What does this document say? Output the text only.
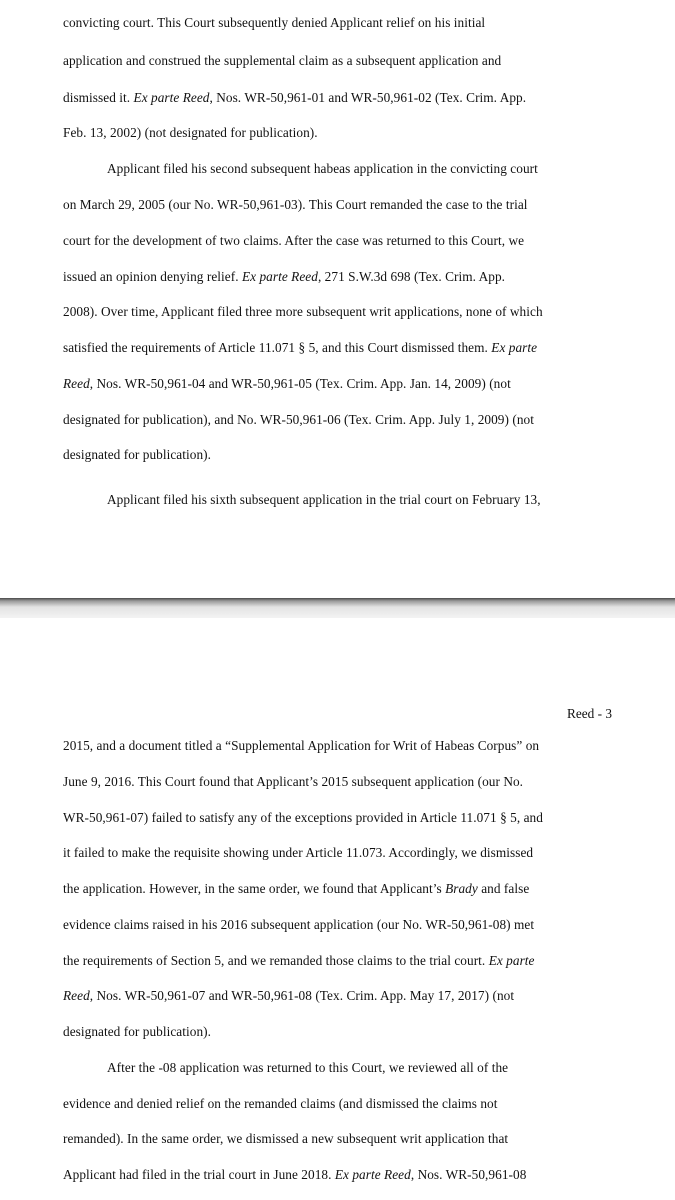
convicting court. This Court subsequently denied Applicant relief on his initial
application and construed the supplemental claim as a subsequent application and
dismissed it. Ex parte Reed, Nos. WR-50,961-01 and WR-50,961-02 (Tex. Crim. App.
Feb. 13, 2002) (not designated for publication).
Applicant filed his second subsequent habeas application in the convicting court
on March 29, 2005 (our No. WR-50,961-03). This Court remanded the case to the trial
court for the development of two claims. After the case was returned to this Court, we
issued an opinion denying relief. Ex parte Reed, 271 S.W.3d 698 (Tex. Crim. App.
2008). Over time, Applicant filed three more subsequent writ applications, none of which
satisfied the requirements of Article 11.071 § 5, and this Court dismissed them. Ex parte
Reed, Nos. WR-50,961-04 and WR-50,961-05 (Tex. Crim. App. Jan. 14, 2009) (not
designated for publication), and No. WR-50,961-06 (Tex. Crim. App. July 1, 2009) (not
designated for publication).
Applicant filed his sixth subsequent application in the trial court on February 13,
Reed - 3
2015, and a document titled a “Supplemental Application for Writ of Habeas Corpus” on
June 9, 2016. This Court found that Applicant’s 2015 subsequent application (our No.
WR-50,961-07) failed to satisfy any of the exceptions provided in Article 11.071 § 5, and
it failed to make the requisite showing under Article 11.073. Accordingly, we dismissed
the application. However, in the same order, we found that Applicant’s Brady and false
evidence claims raised in his 2016 subsequent application (our No. WR-50,961-08) met
the requirements of Section 5, and we remanded those claims to the trial court. Ex parte
Reed, Nos. WR-50,961-07 and WR-50,961-08 (Tex. Crim. App. May 17, 2017) (not
designated for publication).
After the -08 application was returned to this Court, we reviewed all of the
evidence and denied relief on the remanded claims (and dismissed the claims not
remanded). In the same order, we dismissed a new subsequent writ application that
Applicant had filed in the trial court in June 2018. Ex parte Reed, Nos. WR-50,961-08
